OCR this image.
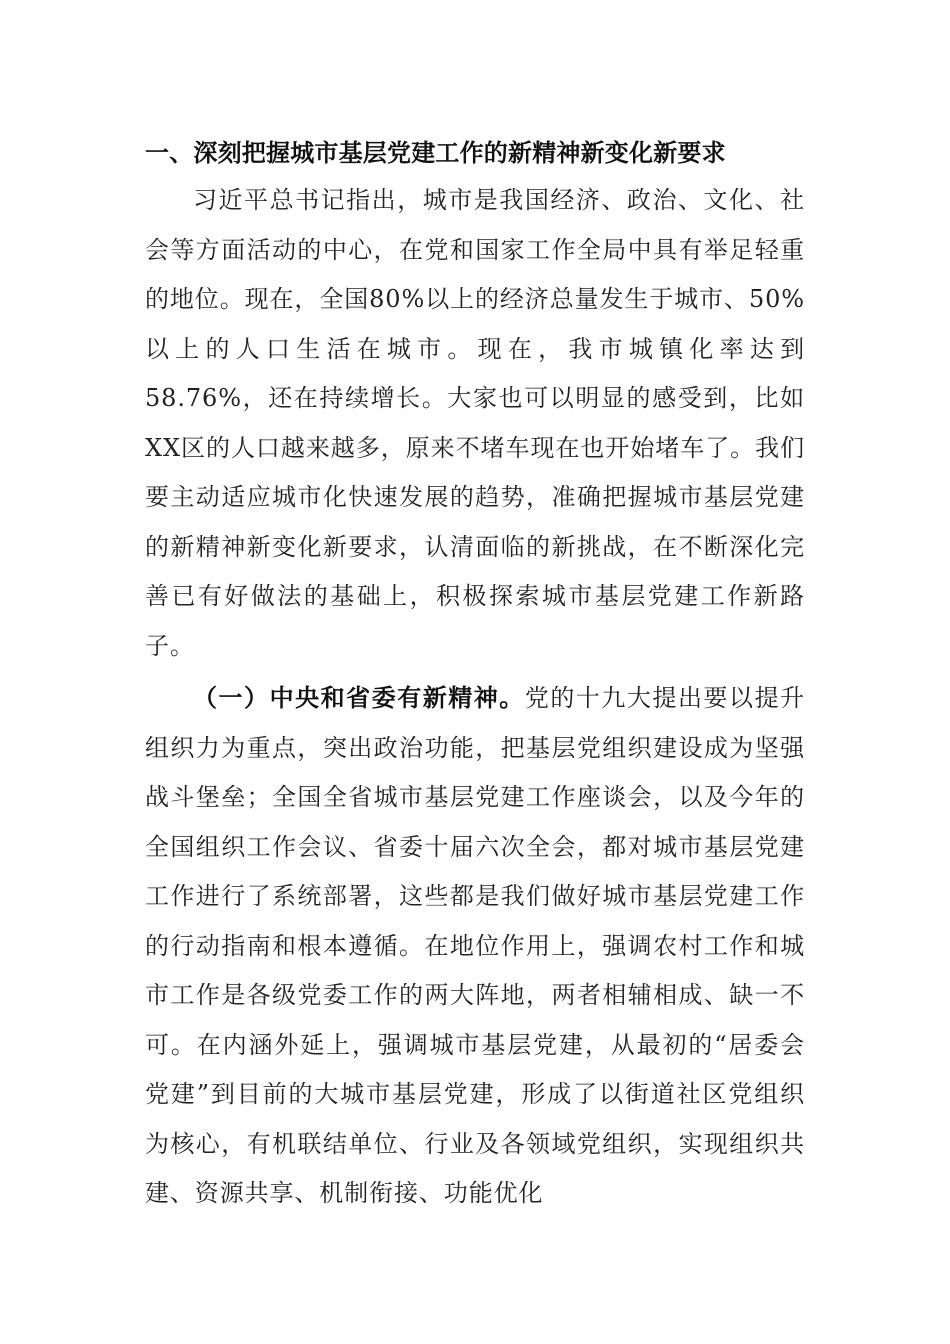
一、深刻把握城市基层党建工作的新精神新变化新要求

习近平总书记指出，城市是我国经济、政治、文化、社会等方面活动的中心，在党和国家工作全局中具有举足轻重的地位。现在，全国80%以上的经济总量发生于城市、50%以上的人口生活在城市。现在，我市城镇化率达到58.76%，还在持续增长。大家也可以明显的感受到，比如XX区的人口越来越多，原来不堵车现在也开始堵车了。我们要主动适应城市化快速发展的趋势，准确把握城市基层党建的新精神新变化新要求，认清面临的新挑战，在不断深化完善已有好做法的基础上，积极探索城市基层党建工作新路子。

（一）中央和省委有新精神。党的十九大提出要以提升组织力为重点，突出政治功能，把基层党组织建设成为坚强战斗堡垒；全国全省城市基层党建工作座谈会，以及今年的全国组织工作会议、省委十届六次全会，都对城市基层党建工作进行了系统部署，这些都是我们做好城市基层党建工作的行动指南和根本遵循。在地位作用上，强调农村工作和城市工作是各级党委工作的两大阵地，两者相辅相成、缺一不可。在内涵外延上，强调城市基层党建，从最初的“居委会党建”到目前的大城市基层党建，形成了以街道社区党组织为核心，有机联结单位、行业及各领域党组织，实现组织共建、资源共享、机制衔接、功能优化
